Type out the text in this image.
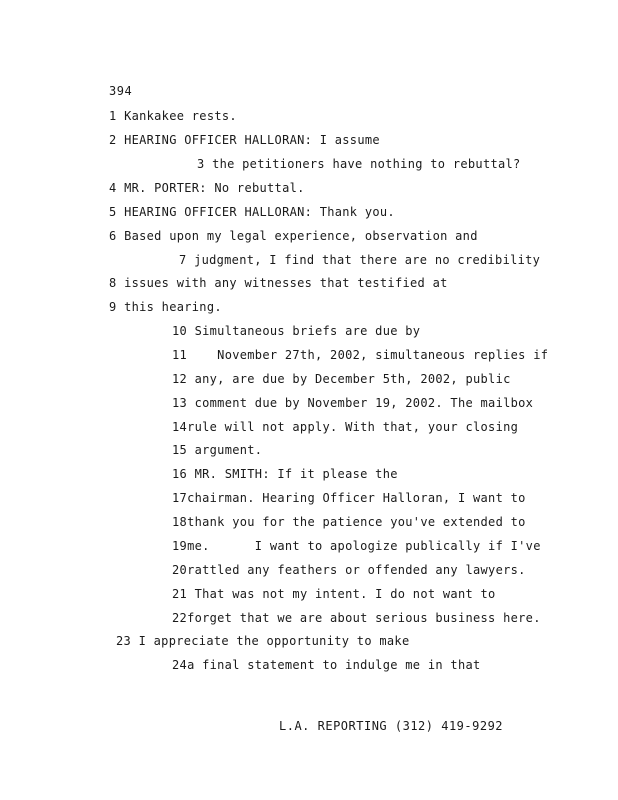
394
1 Kankakee rests.
2 HEARING OFFICER HALLORAN: I assume
3 the petitioners have nothing to rebuttal?
4 MR. PORTER: No rebuttal.
5 HEARING OFFICER HALLORAN: Thank you.
6 Based upon my legal experience, observation and
7 judgment, I find that there are no credibility
8 issues with any witnesses that testified at
9 this hearing.
10 Simultaneous briefs are due by
11	November 27th, 2002, simultaneous replies if
12 any, are due by December 5th, 2002, public
13 comment due by November 19, 2002. The mailbox
14rule will not apply. With that, your closing
15 argument.
16 MR. SMITH: If it please the
17chairman. Hearing Officer Halloran, I want to
18thank you for the patience you've extended to
19me.      I want to apologize publically if I've
20rattled any feathers or offended any lawyers.
21 That was not my intent. I do not want to
22forget that we are about serious business here.
23 I appreciate the opportunity to make
24a final statement to indulge me in that
L.A. REPORTING (312) 419-9292
